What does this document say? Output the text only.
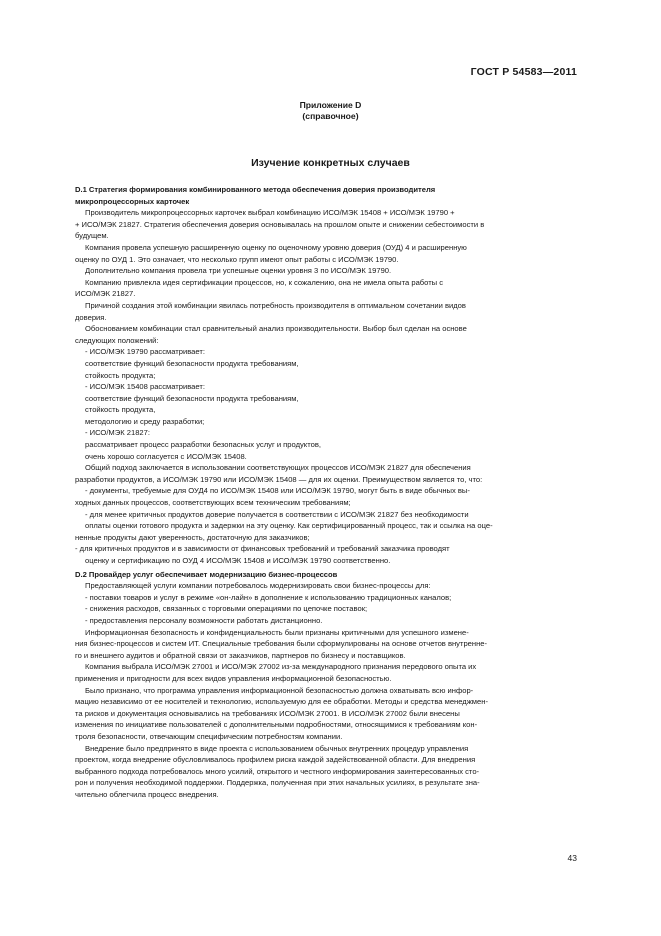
ГОСТ Р 54583—2011
Приложение D
(справочное)
Изучение конкретных случаев

D.1 Стратегия формирования комбинированного метода обеспечения доверия производителя

микропроцессорных карточек

Производитель микропроцессорных карточек выбрал комбинацию ИСО/МЭК 15408 + ИСО/МЭК 19790 +

+ ИСО/МЭК 21827. Стратегия обеспечения доверия основывалась на прошлом опыте и снижении себестоимости в

будущем.

Компания провела успешную расширенную оценку по оценочному уровню доверия (ОУД) 4 и расширенную

оценку по ОУД 1. Это означает, что несколько групп имеют опыт работы с ИСО/МЭК 19790.

Дополнительно компания провела три успешные оценки уровня 3 по ИСО/МЭК 19790.

Компанию привлекла идея сертификации процессов, но, к сожалению, она не имела опыта работы с

ИСО/МЭК 21827.

Причиной создания этой комбинации явилась потребность производителя в оптимальном сочетании видов

доверия.

Обоснованием комбинации стал сравнительный анализ производительности. Выбор был сделан на основе

следующих положений:

- ИСО/МЭК 19790 рассматривает:

соответствие функций безопасности продукта требованиям,

стойкость продукта;

- ИСО/МЭК 15408 рассматривает:

соответствие функций безопасности продукта требованиям,

стойкость продукта,

методологию и среду разработки;

- ИСО/МЭК 21827:

рассматривает процесс разработки безопасных услуг и продуктов,

очень хорошо согласуется с ИСО/МЭК 15408.

Общий подход заключается в использовании соответствующих процессов ИСО/МЭК 21827 для обеспечения

разработки продуктов, а ИСО/МЭК 19790 или ИСО/МЭК 15408 — для их оценки. Преимуществом является то, что:

- документы, требуемые для ОУД4 по ИСО/МЭК 15408 или ИСО/МЭК 19790, могут быть в виде обычных вы-

ходных данных процессов, соответствующих всем техническим требованиям;

- для менее критичных продуктов доверие получается в соответствии с ИСО/МЭК 21827 без необходимости

оплаты оценки готового продукта и задержки на эту оценку. Как сертифицированный процесс, так и ссылка на оце-

ненные продукты дают уверенность, достаточную для заказчиков;

- для критичных продуктов и в зависимости от финансовых требований и требований заказчика проводят

оценку и сертификацию по ОУД 4 ИСО/МЭК 15408 и ИСО/МЭК 19790 соответственно.

D.2 Провайдер услуг обеспечивает модернизацию бизнес-процессов

Предоставляющей услуги компании потребовалось модернизировать свои бизнес-процессы для:

- поставки товаров и услуг в режиме «он-лайн» в дополнение к использованию традиционных каналов;

- снижения расходов, связанных с торговыми операциями по цепочке поставок;

- предоставления персоналу возможности работать дистанционно.

Информационная безопасность и конфиденциальность были признаны критичными для успешного измене-

ния бизнес-процессов и систем ИТ. Специальные требования были сформулированы на основе отчетов внутренне-

го и внешнего аудитов и обратной связи от заказчиков, партнеров по бизнесу и поставщиков.

Компания выбрала ИСО/МЭК 27001 и ИСО/МЭК 27002 из-за международного признания передового опыта их

применения и пригодности для всех видов управления информационной безопасностью.

Было признано, что программа управления информационной безопасностью должна охватывать всю инфор-

мацию независимо от ее носителей и технологию, используемую для ее обработки. Методы и средства менеджмен-

та рисков и документация основывались на требованиях ИСО/МЭК 27001. В ИСО/МЭК 27002 были внесены

изменения по инициативе пользователей с дополнительными подробностями, относящимися к требованиям кон-

троля безопасности, отвечающим специфическим потребностям компании.

Внедрение было предпринято в виде проекта с использованием обычных внутренних процедур управления

проектом, когда внедрение обусловливалось профилем риска каждой задействованной области. Для внедрения

выбранного подхода потребовалось много усилий, открытого и честного информирования заинтересованных сто-

рон и получения необходимой поддержки. Поддержка, полученная при этих начальных усилиях, в результате зна-

чительно облегчила процесс внедрения.

43
